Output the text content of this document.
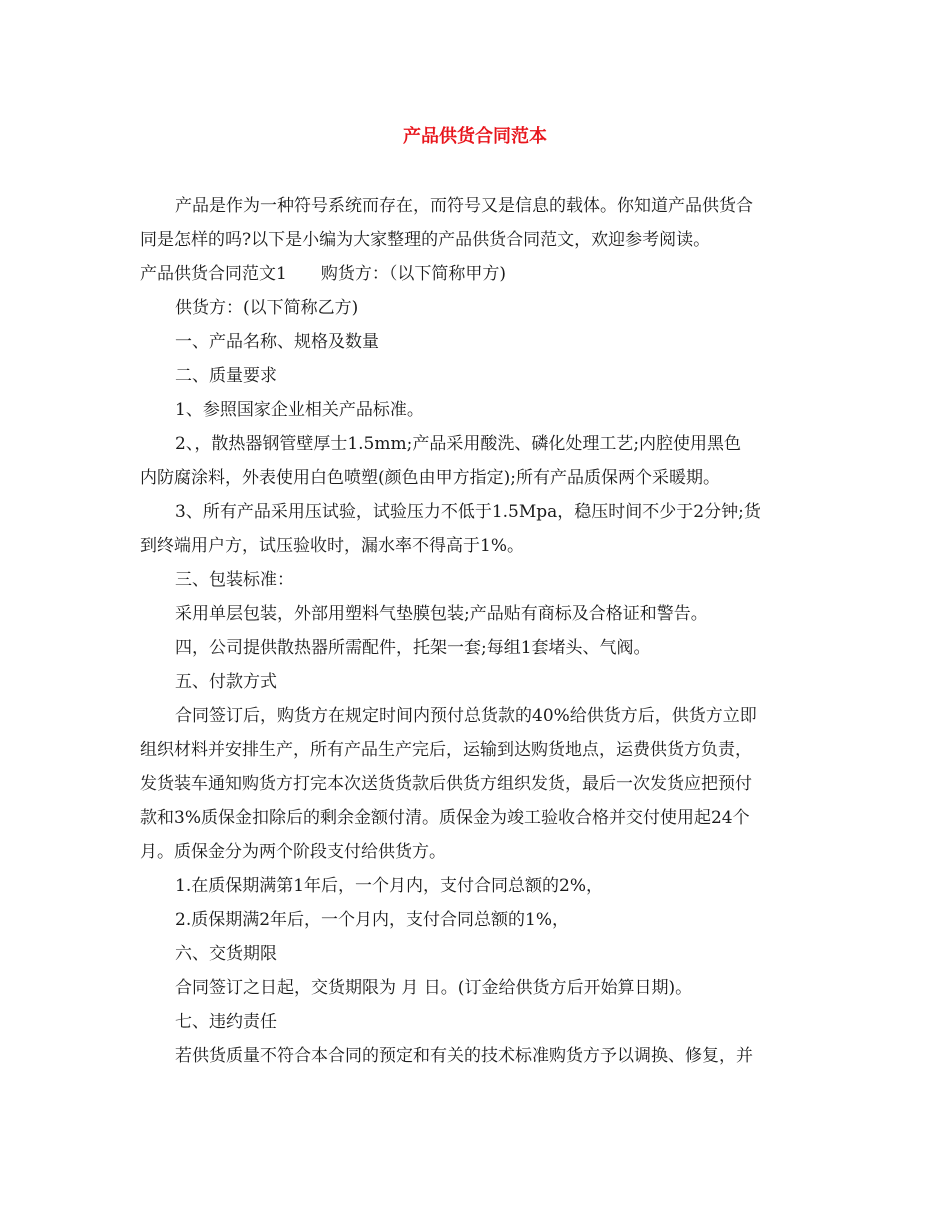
产品供货合同范本

产品是作为一种符号系统而存在，而符号又是信息的载体。你知道产品供货合

同是怎样的吗?以下是小编为大家整理的产品供货合同范文，欢迎参考阅读。

产品供货合同范文1 购货方：（以下简称甲方)

供货方：(以下简称乙方)

一、产品名称、规格及数量

二、质量要求

1、参照国家企业相关产品标准。

2、，散热器钢管壁厚士1.5mm;产品采用酸洗、磷化处理工艺;内腔使用黑色

内防腐涂料，外表使用白色喷塑(颜色由甲方指定);所有产品质保两个采暖期。

3、所有产品采用压试验，试验压力不低于1.5Mpa，稳压时间不少于2分钟;货

到终端用户方，试压验收时，漏水率不得高于1%。

三、包装标准：

采用单层包装，外部用塑料气垫膜包装;产品贴有商标及合格证和警告。

四，公司提供散热器所需配件，托架一套;每组1套堵头、气阀。

五、付款方式

合同签订后，购货方在规定时间内预付总货款的40%给供货方后，供货方立即

组织材料并安排生产，所有产品生产完后，运输到达购货地点，运费供货方负责，

发货装车通知购货方打完本次送货货款后供货方组织发货，最后一次发货应把预付

款和3%质保金扣除后的剩余金额付清。质保金为竣工验收合格并交付使用起24个

月。质保金分为两个阶段支付给供货方。

1.在质保期满第1年后，一个月内，支付合同总额的2%，

2.质保期满2年后，一个月内，支付合同总额的1%，

六、交货期限

合同签订之日起，交货期限为 月 日。(订金给供货方后开始算日期)。

七、违约责任

若供货质量不符合本合同的预定和有关的技术标准购货方予以调换、修复，并
